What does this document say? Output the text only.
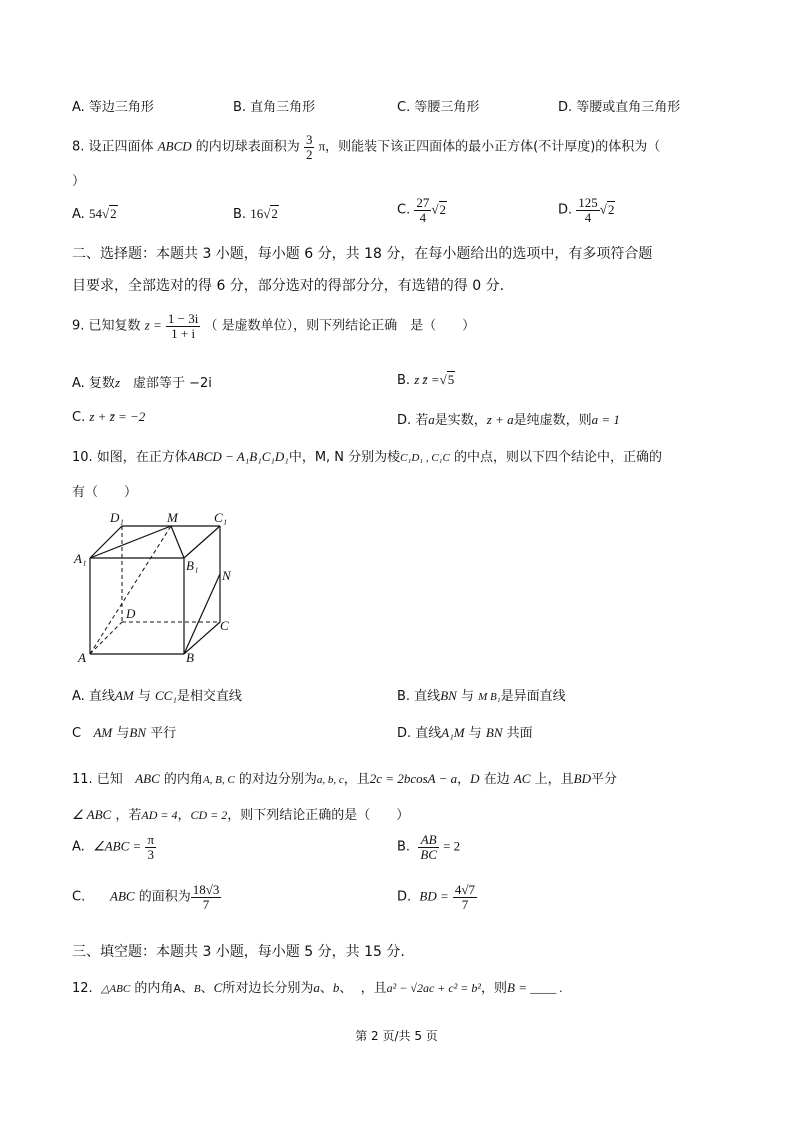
A. 等边三角形	B. 直角三角形	C. 等腰三角形	D. 等腰或直角三角形
8. 设正四面体 ABCD 的内切球表面积为 $\frac{3}{2}$ π，则能装下该正四面体的最小正方体(不计厚度)的体积为（
）
A. 54√2	B. 16√2	C. $\frac{27}{4} √2$	D. $\frac{125}{4} √2$
二、选择题：本题共 3 小题，每小题 6 分，共 18 分，在每小题给出的选项中，有多项符合题
目要求，全部选对的得 6 分，部分选对的得部分分，有选错的得 0 分.
9. 已知复数 $z = \frac{1 - 3i}{1 + i}$ （ 是虚数单位），则下列结论正确　是（　　）
A. 复数z　虚部等于 −2i	B. z z̄ =√5
C. z + z̄ = −2	D. 若a是实数，z + a是纯虚数，则a = 1
10. 如图，在正方体ABCD − A₁B₁C₁D₁中，M, N 分别为棱C₁D₁ , C₁C 的中点，则以下四个结论中，正确的
有（　　）
D₁	M	C₁
A₁	B₁
N
D
C
A	B
A. 直线AM 与 CC₁是相交直线	B. 直线BN 与 M B₁是异面直线
C AM 与BN 平行	D. 直线A₁M 与 BN 共面
11. 已知 ABC 的内角A, B, C 的对边分别为a, b, c，且2c = 2bcosA − a，D 在边 AC 上，且BD平分
∠ ABC ，若AD = 4，CD = 2，则下列结论正确的是（　　）
A. ∠ABC = $\frac{\pi}{3}$	B. $\frac{AB}{BC} = 2$
C. ABC 的面积为 $\frac{18√3}{7}$	D. BD = $\frac{4√7}{7}$
三、填空题：本题共 3 小题，每小题 5 分，共 15 分.
12. △ABC 的内角A、B、C所对边长分别为a、b、 ，且a² − √2ac + c² = b²，则B = ____ .
第 2 页/共 5 页
